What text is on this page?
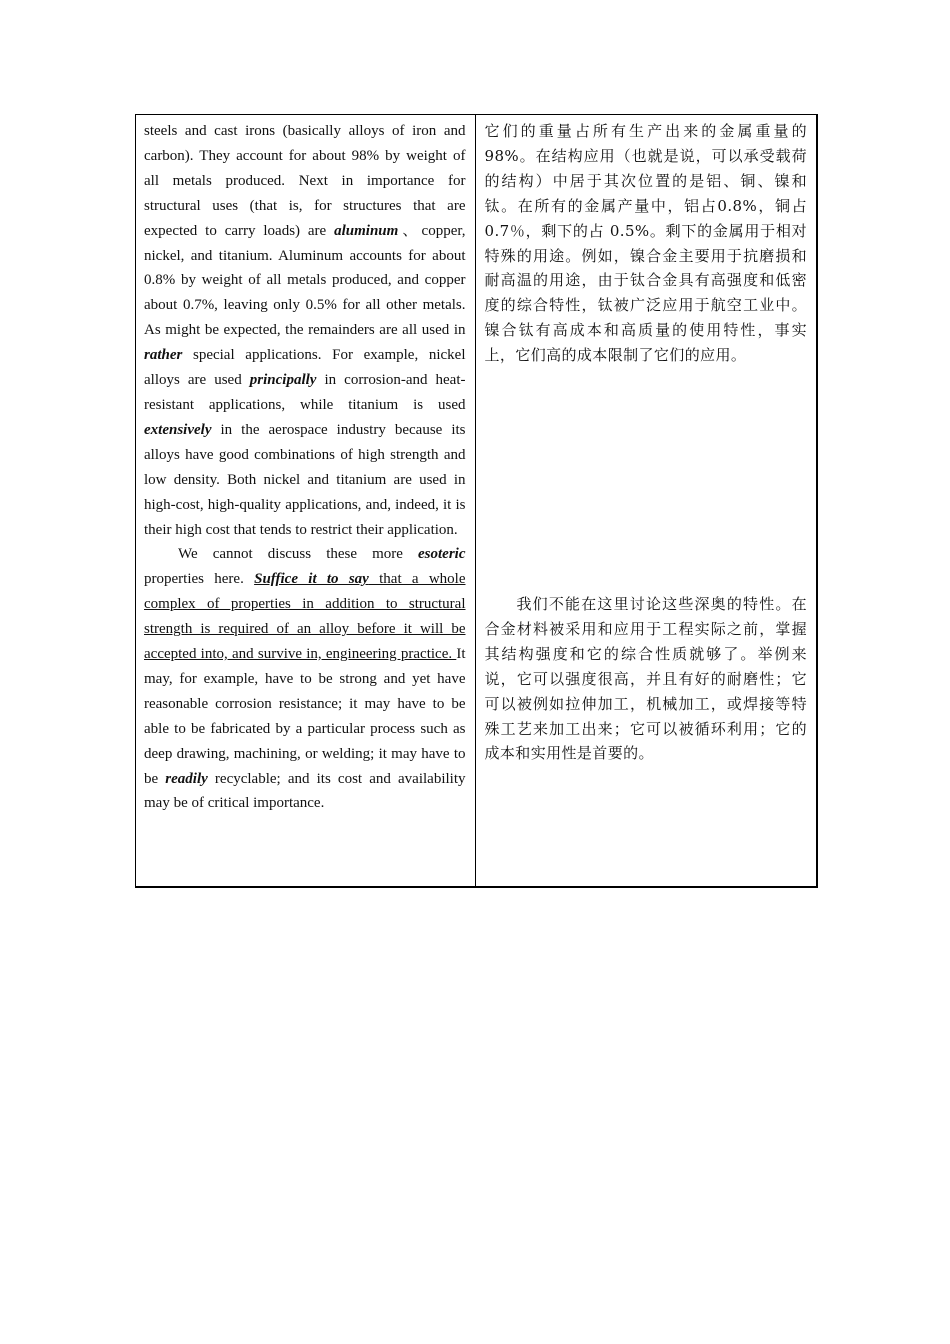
steels and cast irons (basically alloys of iron and carbon). They account for about 98% by weight of all metals produced. Next in importance for structural uses (that is, for structures that are expected to carry loads) are aluminum、copper, nickel, and titanium. Aluminum accounts for about 0.8% by weight of all metals produced, and copper about 0.7%, leaving only 0.5% for all other metals. As might be expected, the remainders are all used in rather special applications. For example, nickel alloys are used principally in corrosion-and heat-resistant applications, while titanium is used extensively in the aerospace industry because its alloys have good combinations of high strength and low density. Both nickel and titanium are used in high-cost, high-quality applications, and, indeed, it is their high cost that tends to restrict their application.

We cannot discuss these more esoteric properties here. Suffice it to say that a whole complex of properties in addition to structural strength is required of an alloy before it will be accepted into, and survive in, engineering practice. It may, for example, have to be strong and yet have reasonable corrosion resistance; it may have to be able to be fabricated by a particular process such as deep drawing, machining, or welding; it may have to be readily recyclable; and its cost and availability may be of critical importance.

它们的重量占所有生产出来的金属重量的98%。在结构应用（也就是说，可以承受载荷的结构）中居于其次位置的是铝、铜、镍和钛。在所有的金属产量中，铝占0.8%，铜占 0.7％，剩下的占 0.5%。剩下的金属用于相对特殊的用途。例如，镍合金主要用于抗磨损和耐高温的用途，由于钛合金具有高强度和低密度的综合特性，钛被广泛应用于航空工业中。镍合钛有高成本和高质量的使用特性，事实上，它们高的成本限制了它们的应用。

我们不能在这里讨论这些深奥的特性。在合金材料被采用和应用于工程实际之前，掌握其结构强度和它的综合性质就够了。举例来说，它可以强度很高，并且有好的耐磨性；它可以被例如拉伸加工，机械加工，或焊接等特殊工艺来加工出来；它可以被循环利用；它的成本和实用性是首要的。
